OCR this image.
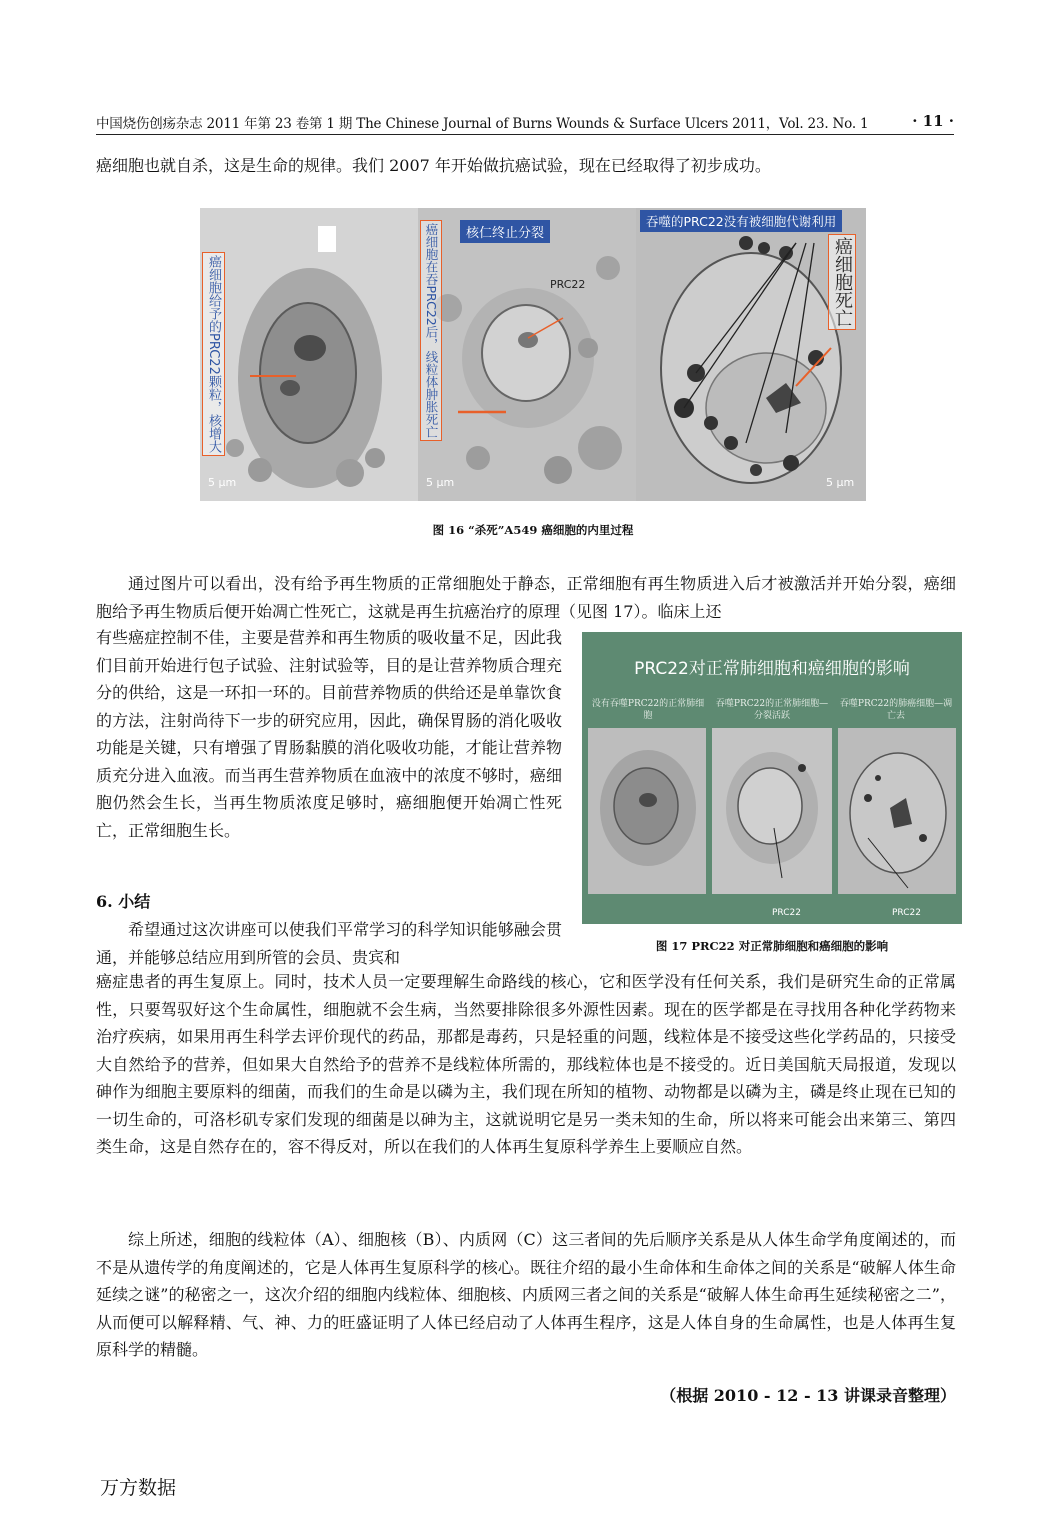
中国烧伤创疡杂志 2011 年第 23 卷第 1 期 The Chinese Journal of Burns Wounds & Surface Ulcers 2011，Vol. 23. No. 1	· 11 ·
癌细胞也就自杀，这是生命的规律。我们 2007 年开始做抗癌试验，现在已经取得了初步成功。
癌细胞给予的PRC22颗粒，核增大
5 μm
核仁终止分裂
癌细胞在吞PRC22后，线粒体肿胀死亡	PRC22
5 μm
吞噬的PRC22没有被细胞代谢利用
癌细胞死亡
5 μm
图 16 “杀死”A549 癌细胞的内里过程
通过图片可以看出，没有给予再生物质的正常细胞处于静态，正常细胞有再生物质进入后才被激活并开始分裂，癌细胞给予再生物质后便开始凋亡性死亡，这就是再生抗癌治疗的原理（见图 17）。临床上还
有些癌症控制不佳，主要是营养和再生物质的吸收量不足，因此我们目前开始进行包子试验、注射试验等，目的是让营养物质合理充分的供给，这是一环扣一环的。目前营养物质的供给还是单靠饮食的方法，注射尚待下一步的研究应用，因此，确保胃肠的消化吸收功能是关键，只有增强了胃肠黏膜的消化吸收功能，才能让营养物质充分进入血液。而当再生营养物质在血液中的浓度不够时，癌细胞仍然会生长，当再生物质浓度足够时，癌细胞便开始凋亡性死亡，正常细胞生长。
6. 小结
希望通过这次讲座可以使我们平常学习的科学知识能够融会贯通，并能够总结应用到所管的会员、贵宾和
PRC22对正常肺细胞和癌细胞的影响
没有吞噬PRC22的正常肺细胞
吞噬PRC22的正常肺细胞—分裂活跃
吞噬PRC22的肺癌细胞—凋亡去
PRC22	PRC22
图 17 PRC22 对正常肺细胞和癌细胞的影响
癌症患者的再生复原上。同时，技术人员一定要理解生命路线的核心，它和医学没有任何关系，我们是研究生命的正常属性，只要驾驭好这个生命属性，细胞就不会生病，当然要排除很多外源性因素。现在的医学都是在寻找用各种化学药物来治疗疾病，如果用再生科学去评价现代的药品，那都是毒药，只是轻重的问题，线粒体是不接受这些化学药品的，只接受大自然给予的营养，但如果大自然给予的营养不是线粒体所需的，那线粒体也是不接受的。近日美国航天局报道，发现以砷作为细胞主要原料的细菌，而我们的生命是以磷为主，我们现在所知的植物、动物都是以磷为主，磷是终止现在已知的一切生命的，可洛杉矶专家们发现的细菌是以砷为主，这就说明它是另一类未知的生命，所以将来可能会出来第三、第四类生命，这是自然存在的，容不得反对，所以在我们的人体再生复原科学养生上要顺应自然。
综上所述，细胞的线粒体（A）、细胞核（B）、内质网（C）这三者间的先后顺序关系是从人体生命学角度阐述的，而不是从遗传学的角度阐述的，它是人体再生复原科学的核心。既往介绍的最小生命体和生命体之间的关系是“破解人体生命延续之谜”的秘密之一，这次介绍的细胞内线粒体、细胞核、内质网三者之间的关系是“破解人体生命再生延续秘密之二”，从而便可以解释精、气、神、力的旺盛证明了人体已经启动了人体再生程序，这是人体自身的生命属性，也是人体再生复原科学的精髓。
（根据 2010 - 12 - 13 讲课录音整理）
万方数据
